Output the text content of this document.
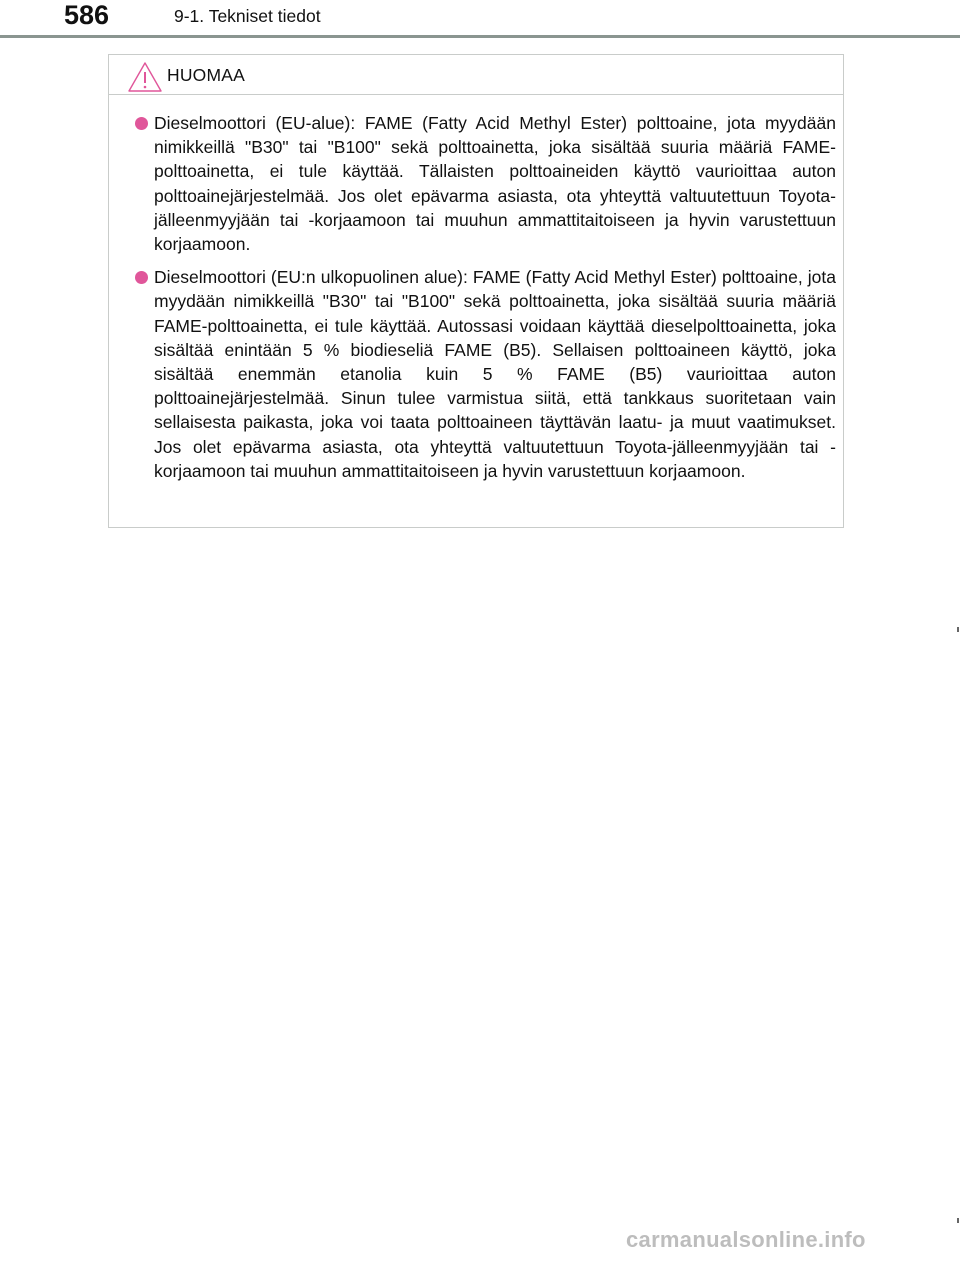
586	9-1. Tekniset tiedot
HUOMAA
Dieselmoottori (EU-alue): FAME (Fatty Acid Methyl Ester) polttoaine, jota myydään nimikkeillä "B30" tai "B100" sekä polttoainetta, joka sisältää suuria määriä FAME-polttoainetta, ei tule käyttää. Tällaisten polttoaineiden käyttö vaurioittaa auton polttoainejärjestelmää. Jos olet epävarma asiasta, ota yhteyttä valtuutettuun Toyota-jälleenmyyjään tai -korjaamoon tai muuhun ammattitaitoiseen ja hyvin varustettuun korjaamoon.
Dieselmoottori (EU:n ulkopuolinen alue): FAME (Fatty Acid Methyl Ester) polttoaine, jota myydään nimikkeillä "B30" tai "B100" sekä polttoainetta, joka sisältää suuria määriä FAME-polttoainetta, ei tule käyttää. Autossasi voidaan käyttää dieselpolttoainetta, joka sisältää enintään 5 % biodieseliä FAME (B5). Sellaisen polttoaineen käyttö, joka sisältää enemmän etanolia kuin 5 % FAME (B5) vaurioittaa auton polttoainejärjestelmää. Sinun tulee varmistua siitä, että tankkaus suoritetaan vain sellaisesta paikasta, joka voi taata polttoaineen täyttävän laatu- ja muut vaatimukset. Jos olet epävarma asiasta, ota yhteyttä valtuutettuun Toyota-jälleenmyyjään tai -korjaamoon tai muuhun ammattitaitoiseen ja hyvin varustettuun korjaamoon.
carmanualsonline.info
